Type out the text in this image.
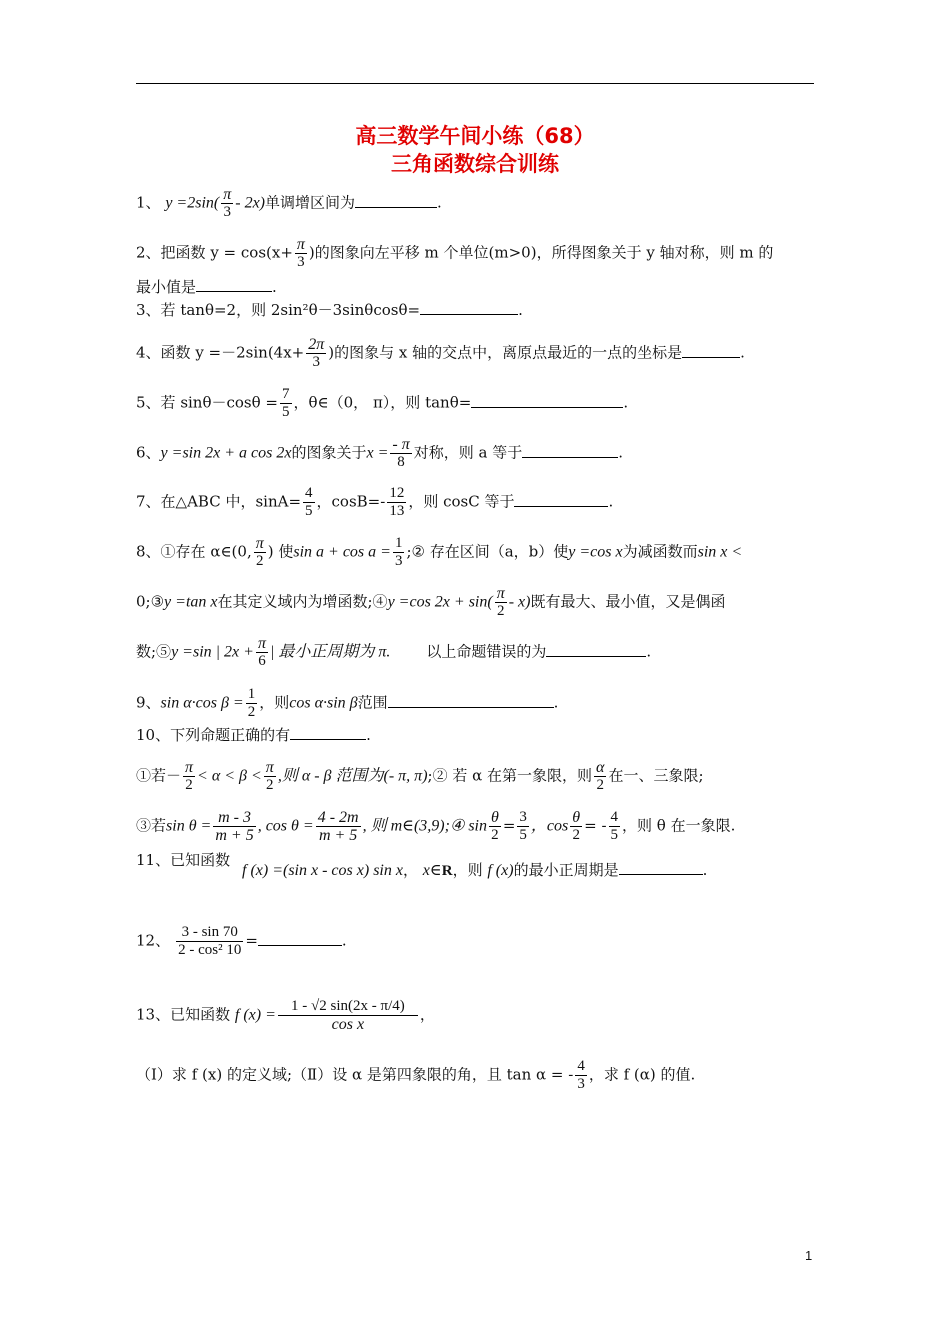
高三数学午间小练（68）
三角函数综合训练
1、 $y =2\sin( \frac{\pi}{3} - 2x)$单调增区间为	.
2、把函数 $y = \cos(x+ \frac{\pi}{3}$ )的图象向左平移 m 个单位(m>0)，所得图象关于 y 轴对称，则 m 的
最小值是	.
3、若 tanθ=2，则 2sin²θ－3sinθcosθ=	.
4、函数 $y =-2\sin(4x+ \frac{2\pi}{3}$ )的图象与 x 轴的交点中，离原点最近的一点的坐标是	.
5、若 $\sin\theta-\cos\theta = \frac{7}{5}$ ，θ∈（0， π），则 tanθ=	.
6、y =sin 2x + a cos 2x的图象关于$x = \frac{- \pi}{8}$ 对称，则 a 等于	.
7、在△ABC 中，$\sin A= \frac{4}{5}$ ，$\cos B=- \frac{12}{13}$ ，则 cosC 等于	.
8、①存在 α∈(0, $\frac{\pi}{2}$ ) 使$\sin a + \cos a = \frac{1}{3}$ ;② 存在区间（a，b）使y =cos x为减函数而sin x <
0;③y =tan x在其定义域内为增函数;④y =cos $2x + \sin( \frac{\pi}{2} - x)$既有最大、最小值，又是偶函
数;⑤y =sin | $2x + \frac{\pi}{6}$ | 最小正周期为 π. 以上命题错误的为	.
9、sin α·cos $\beta = \frac{1}{2}$ ，则cos α·sin β范围	.
10、下列命题正确的有	.
①若－ $\frac{\pi}{2} < \alpha < \beta < \frac{\pi}{2}$ ,则 α - β 范围为(- π, π);② 若 α 在第一象限，则 $\frac{\alpha}{2}$ 在一、三象限;
③若$\sin \theta = \frac{m - 3}{m + 5}$ , $\cos \theta = \frac{4 - 2m}{m + 5}$ , 则 m∈(3,9);④ $\sin \frac{\theta}{2} = \frac{3}{5}$ ，$\cos \frac{\theta}{2}$ = - $\frac{4}{5}$ ，则 θ 在一象限.
11、已知函数
f (x) =(sin x - cos x) sin x， x∈R，则 f (x)的最小正周期是	.
12、 $\frac{3 - \sin 70}{\text{2 - cos² 10}}$ =	.
13、已知函数 f $(x) = \frac{1 - √2 \sin(2x - \pi/4)}{\text{cos x}}$ ，
（Ⅰ）求 f (x) 的定义域;（Ⅱ）设 α 是第四象限的角，且 tan α = - $\frac{4}{3}$ ，求 f (α) 的值.
1
